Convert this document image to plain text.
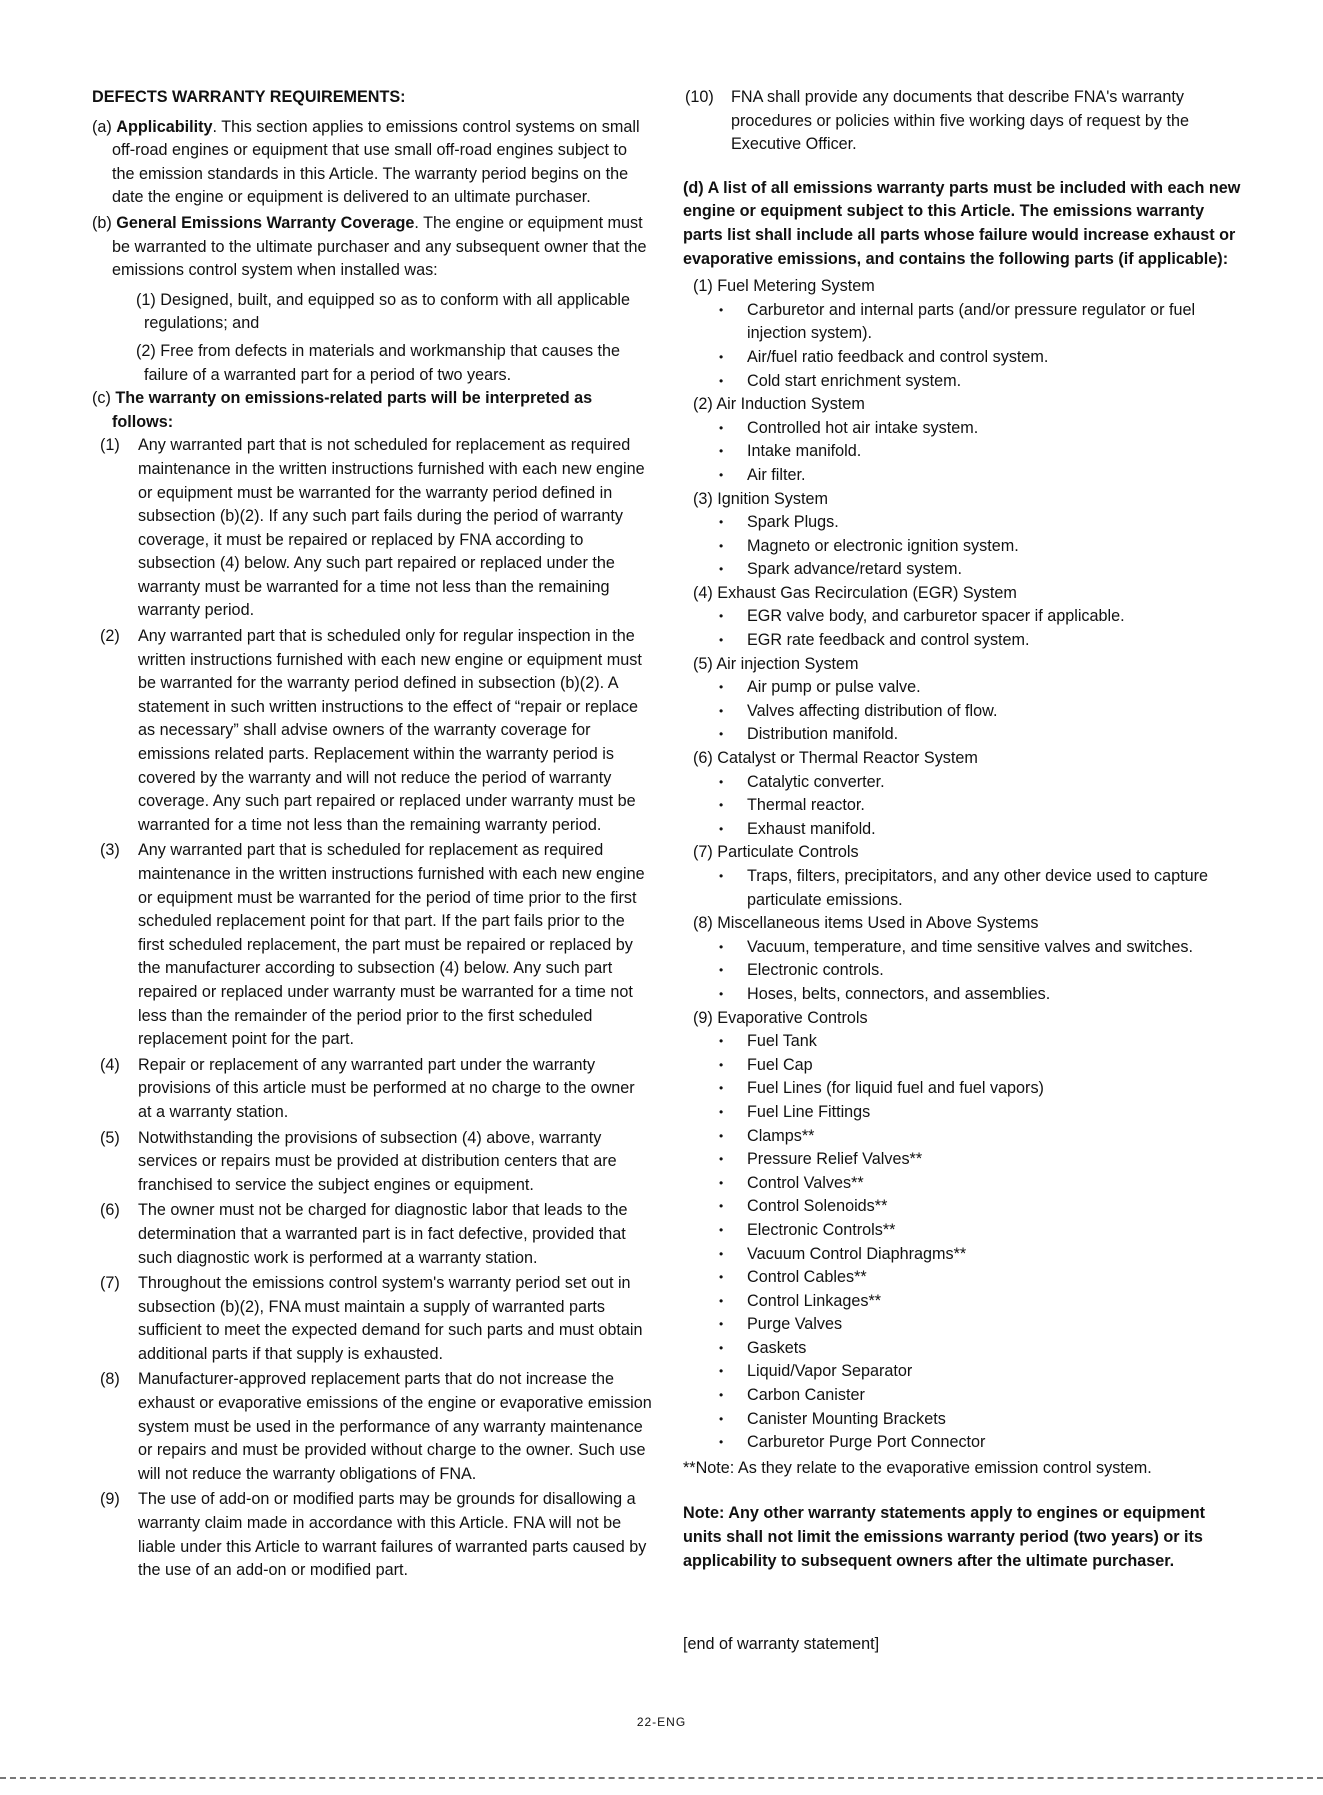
DEFECTS WARRANTY REQUIREMENTS:

(a) Applicability. This section applies to emissions control systems on small off-road engines or equipment that use small off-road engines subject to the emission standards in this Article. The warranty period begins on the date the engine or equipment is delivered to an ultimate purchaser.

(b) General Emissions Warranty Coverage. The engine or equipment must be warranted to the ultimate purchaser and any subsequent owner that the emissions control system when installed was:

(1) Designed, built, and equipped so as to conform with all applicable regulations; and

(2) Free from defects in materials and workmanship that causes the failure of a warranted part for a period of two years.

(c) The warranty on emissions-related parts will be interpreted as follows:

(1) Any warranted part that is not scheduled for replacement as required maintenance in the written instructions furnished with each new engine or equipment must be warranted for the warranty period defined in subsection (b)(2). If any such part fails during the period of warranty coverage, it must be repaired or replaced by FNA according to subsection (4) below. Any such part repaired or replaced under the warranty must be warranted for a time not less than the remaining warranty period.

(2) Any warranted part that is scheduled only for regular inspection in the written instructions furnished with each new engine or equipment must be warranted for the warranty period defined in subsection (b)(2). A statement in such written instructions to the effect of “repair or replace as necessary” shall advise owners of the warranty coverage for emissions related parts. Replacement within the warranty period is covered by the warranty and will not reduce the period of warranty coverage. Any such part repaired or replaced under warranty must be warranted for a time not less than the remaining warranty period.

(3) Any warranted part that is scheduled for replacement as required maintenance in the written instructions furnished with each new engine or equipment must be warranted for the period of time prior to the first scheduled replacement point for that part. If the part fails prior to the first scheduled replacement, the part must be repaired or replaced by the manufacturer according to subsection (4) below. Any such part repaired or replaced under warranty must be warranted for a time not less than the remainder of the period prior to the first scheduled replacement point for the part.

(4) Repair or replacement of any warranted part under the warranty provisions of this article must be performed at no charge to the owner at a warranty station.

(5) Notwithstanding the provisions of subsection (4) above, warranty services or repairs must be provided at distribution centers that are franchised to service the subject engines or equipment.

(6) The owner must not be charged for diagnostic labor that leads to the determination that a warranted part is in fact defective, provided that such diagnostic work is performed at a warranty station.

(7) Throughout the emissions control system's warranty period set out in subsection (b)(2), FNA must maintain a supply of warranted parts sufficient to meet the expected demand for such parts and must obtain additional parts if that supply is exhausted.

(8) Manufacturer-approved replacement parts that do not increase the exhaust or evaporative emissions of the engine or evaporative emission system must be used in the performance of any warranty maintenance or repairs and must be provided without charge to the owner. Such use will not reduce the warranty obligations of FNA.

(9) The use of add-on or modified parts may be grounds for disallowing a warranty claim made in accordance with this Article. FNA will not be liable under this Article to warrant failures of warranted parts caused by the use of an add-on or modified part.

(10) FNA shall provide any documents that describe FNA's warranty procedures or policies within five working days of request by the Executive Officer.

(d) A list of all emissions warranty parts must be included with each new engine or equipment subject to this Article. The emissions warranty parts list shall include all parts whose failure would increase exhaust or evaporative emissions, and contains the following parts (if applicable):

(1) Fuel Metering System

• Carburetor and internal parts (and/or pressure regulator or fuel injection system).

• Air/fuel ratio feedback and control system.

• Cold start enrichment system.

(2) Air Induction System

• Controlled hot air intake system.

• Intake manifold.

• Air filter.

(3) Ignition System

• Spark Plugs.

• Magneto or electronic ignition system.

• Spark advance/retard system.

(4) Exhaust Gas Recirculation (EGR) System

• EGR valve body, and carburetor spacer if applicable.

• EGR rate feedback and control system.

(5) Air injection System

• Air pump or pulse valve.

• Valves affecting distribution of flow.

• Distribution manifold.

(6) Catalyst or Thermal Reactor System

• Catalytic converter.

• Thermal reactor.

• Exhaust manifold.

(7) Particulate Controls

• Traps, filters, precipitators, and any other device used to capture particulate emissions.

(8) Miscellaneous items Used in Above Systems

• Vacuum, temperature, and time sensitive valves and switches.

• Electronic controls.

• Hoses, belts, connectors, and assemblies.

(9) Evaporative Controls

• Fuel Tank

• Fuel Cap

• Fuel Lines (for liquid fuel and fuel vapors)

• Fuel Line Fittings

• Clamps**

• Pressure Relief Valves**

• Control Valves**

• Control Solenoids**

• Electronic Controls**

• Vacuum Control Diaphragms**

• Control Cables**

• Control Linkages**

• Purge Valves

• Gaskets

• Liquid/Vapor Separator

• Carbon Canister

• Canister Mounting Brackets

• Carburetor Purge Port Connector

**Note: As they relate to the evaporative emission control system.

Note: Any other warranty statements apply to engines or equipment units shall not limit the emissions warranty period (two years) or its applicability to subsequent owners after the ultimate purchaser.

[end of warranty statement]

22-ENG
